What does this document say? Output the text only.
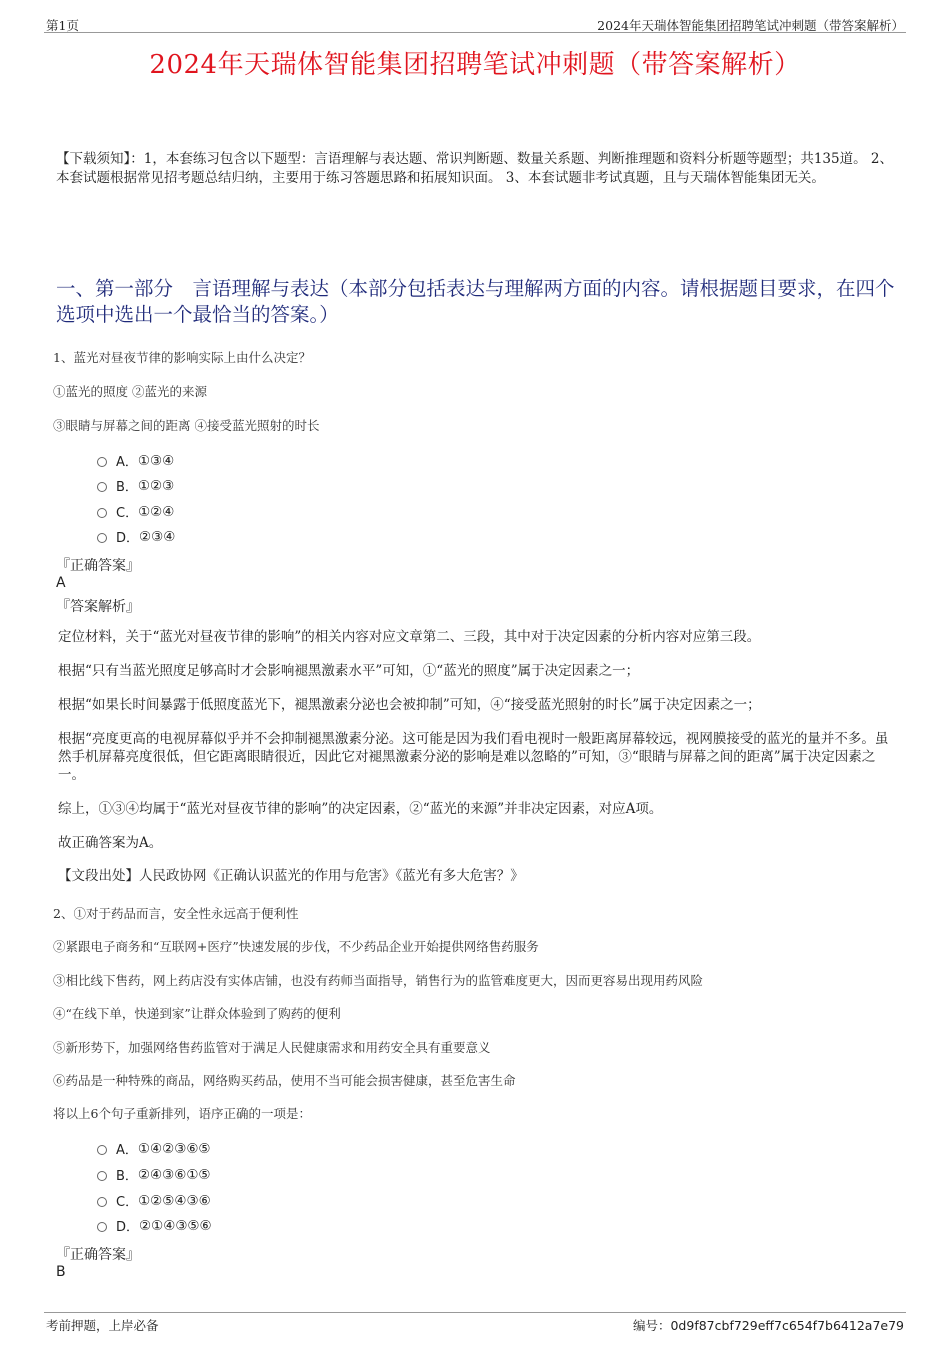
第1页	2024年天瑞体智能集团招聘笔试冲刺题（带答案解析）
2024年天瑞体智能集团招聘笔试冲刺题（带答案解析）
【下载须知】：1，本套练习包含以下题型：言语理解与表达题、常识判断题、数量关系题、判断推理题和资料分析题等题型；共135道。 2、本套试题根据常见招考题总结归纳，主要用于练习答题思路和拓展知识面。 3、本套试题非考试真题，且与天瑞体智能集团无关。
一、第一部分　言语理解与表达（本部分包括表达与理解两方面的内容。请根据题目要求，在四个选项中选出一个最恰当的答案。）
1、蓝光对昼夜节律的影响实际上由什么决定？
①蓝光的照度 ②蓝光的来源
③眼睛与屏幕之间的距离 ④接受蓝光照射的时长
A． ①③④
B． ①②③
C． ①②④
D． ②③④
『正确答案』
A
『答案解析』
定位材料，关于“蓝光对昼夜节律的影响”的相关内容对应文章第二、三段，其中对于决定因素的分析内容对应第三段。
根据“只有当蓝光照度足够高时才会影响褪黑激素水平”可知，①“蓝光的照度”属于决定因素之一；
根据“如果长时间暴露于低照度蓝光下，褪黑激素分泌也会被抑制”可知，④“接受蓝光照射的时长”属于决定因素之一；
根据“亮度更高的电视屏幕似乎并不会抑制褪黑激素分泌。这可能是因为我们看电视时一般距离屏幕较远，视网膜接受的蓝光的量并不多。虽然手机屏幕亮度很低，但它距离眼睛很近，因此它对褪黑激素分泌的影响是难以忽略的”可知，③“眼睛与屏幕之间的距离”属于决定因素之一。
综上，①③④均属于“蓝光对昼夜节律的影响”的决定因素，②“蓝光的来源”并非决定因素，对应A项。
故正确答案为A。
【文段出处】人民政协网《正确认识蓝光的作用与危害》《蓝光有多大危害？》
2、①对于药品而言，安全性永远高于便利性
②紧跟电子商务和“互联网+医疗”快速发展的步伐，不少药品企业开始提供网络售药服务
③相比线下售药，网上药店没有实体店铺，也没有药师当面指导，销售行为的监管难度更大，因而更容易出现用药风险
④“在线下单，快递到家”让群众体验到了购药的便利
⑤新形势下，加强网络售药监管对于满足人民健康需求和用药安全具有重要意义
⑥药品是一种特殊的商品，网络购买药品，使用不当可能会损害健康，甚至危害生命
将以上6个句子重新排列，语序正确的一项是：
A． ①④②③⑥⑤
B． ②④③⑥①⑤
C． ①②⑤④③⑥
D． ②①④③⑤⑥
『正确答案』
B
考前押题，上岸必备	编号：0d9f87cbf729eff7c654f7b6412a7e79
